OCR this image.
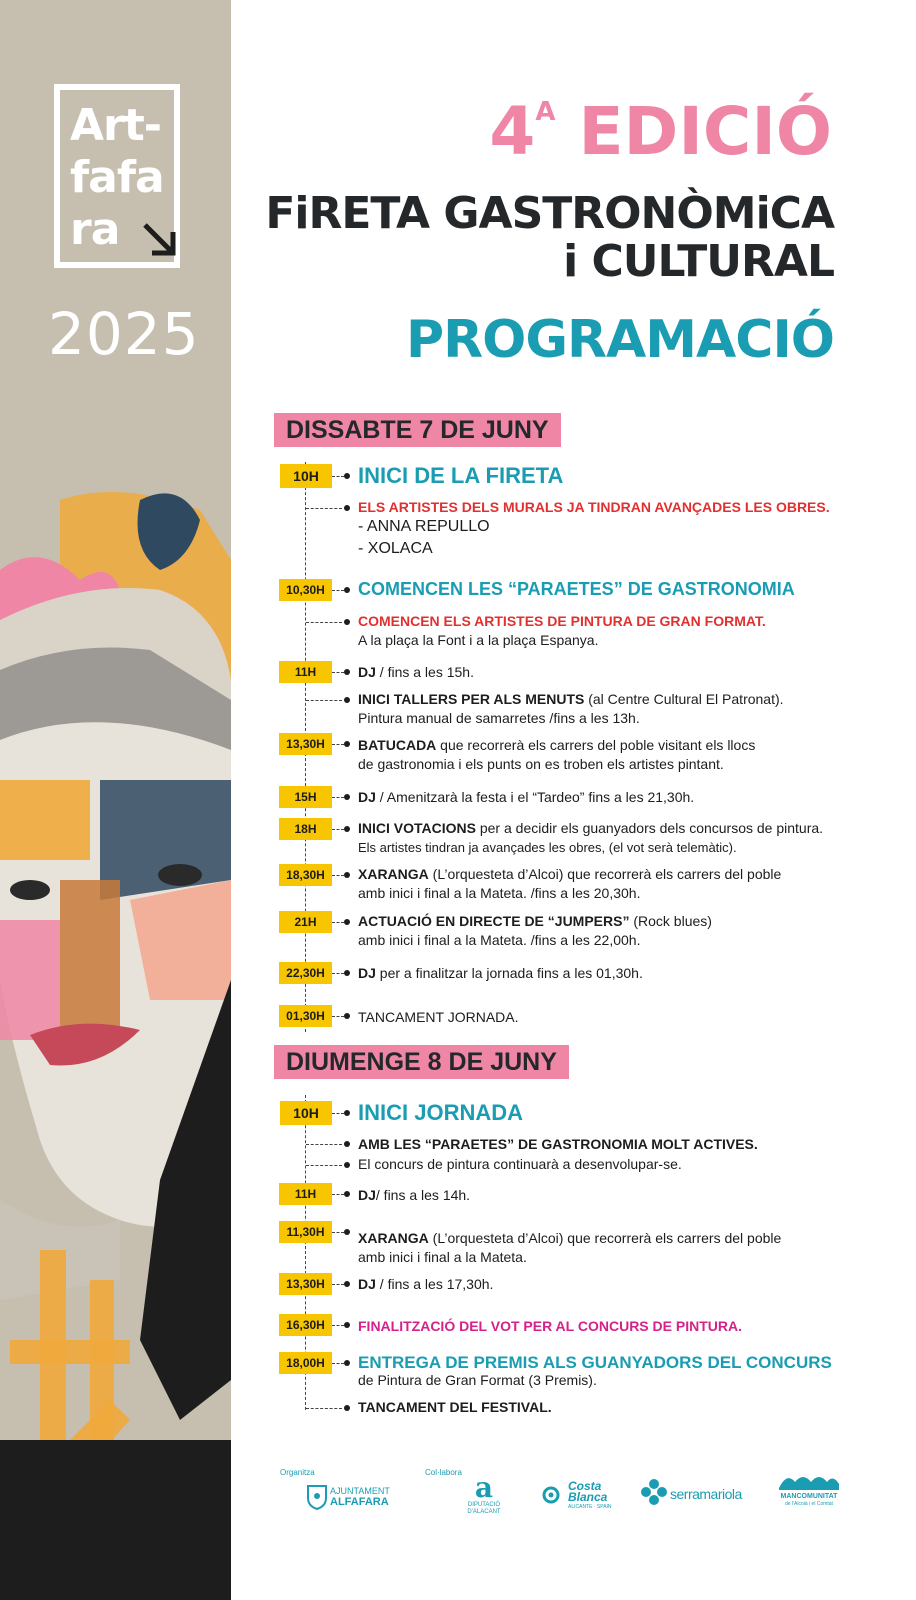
Art-
fafa
ra
2025
$4^A$ EDICIÓ
FiRETA GASTRONÒMiCA
i CULTURAL
PROGRAMACIÓ
DISSABTE 7 DE JUNY
10H	INICI DE LA FIRETA
ELS ARTISTES DELS MURALS JA TINDRAN AVANÇADES LES OBRES.
- ANNA REPULLO
- XOLACA
10,30H	COMENCEN LES “PARAETES” DE GASTRONOMIA
COMENCEN ELS ARTISTES DE PINTURA DE GRAN FORMAT.
A la plaça la Font i a la plaça Espanya.
11H	DJ / fins a les 15h.
INICI TALLERS PER ALS MENUTS (al Centre Cultural El Patronat).
Pintura manual de samarretes /fins a les 13h.
13,30H	BATUCADA que recorrerà els carrers del poble visitant els llocs
de gastronomia i els punts on es troben els artistes pintant.
15H	DJ / Amenitzarà la festa i el “Tardeo” fins a les 21,30h.
18H	INICI VOTACIONS per a decidir els guanyadors dels concursos de pintura.
Els artistes tindran ja avançades les obres, (el vot serà telemàtic).
18,30H	XARANGA (L’orquesteta d’Alcoi) que recorrerà els carrers del poble
amb inici i final a la Mateta. /fins a les 20,30h.
21H	ACTUACIÓ EN DIRECTE DE “JUMPERS” (Rock blues)
amb inici i final a la Mateta. /fins a les 22,00h.
22,30H	DJ per a finalitzar la jornada fins a les 01,30h.
01,30H	TANCAMENT JORNADA.
DIUMENGE 8 DE JUNY
10H	INICI JORNADA
AMB LES “PARAETES” DE GASTRONOMIA MOLT ACTIVES.
El concurs de pintura continuarà a desenvolupar-se.
11H	DJ/ fins a les 14h.
11,30H	XARANGA (L’orquesteta d’Alcoi) que recorrerà els carrers del poble
amb inici i final a la Mateta.
13,30H	DJ / fins a les 17,30h.
16,30H	FINALITZACIÓ DEL VOT PER AL CONCURS DE PINTURA.
18,00H	ENTREGA DE PREMIS ALS GUANYADORS DEL CONCURS
de Pintura de Gran Format (3 Premis).
TANCAMENT DEL FESTIVAL.
Organitza	Col·labora
AJUNTAMENT
ALFAFARA	a
DIPUTACIÓ
D'ALACANT
Costa
Blanca
ALICANTE · SPAIN
serramariola	MANCOMUNITAT
de l'Alcoià i el Comtat
